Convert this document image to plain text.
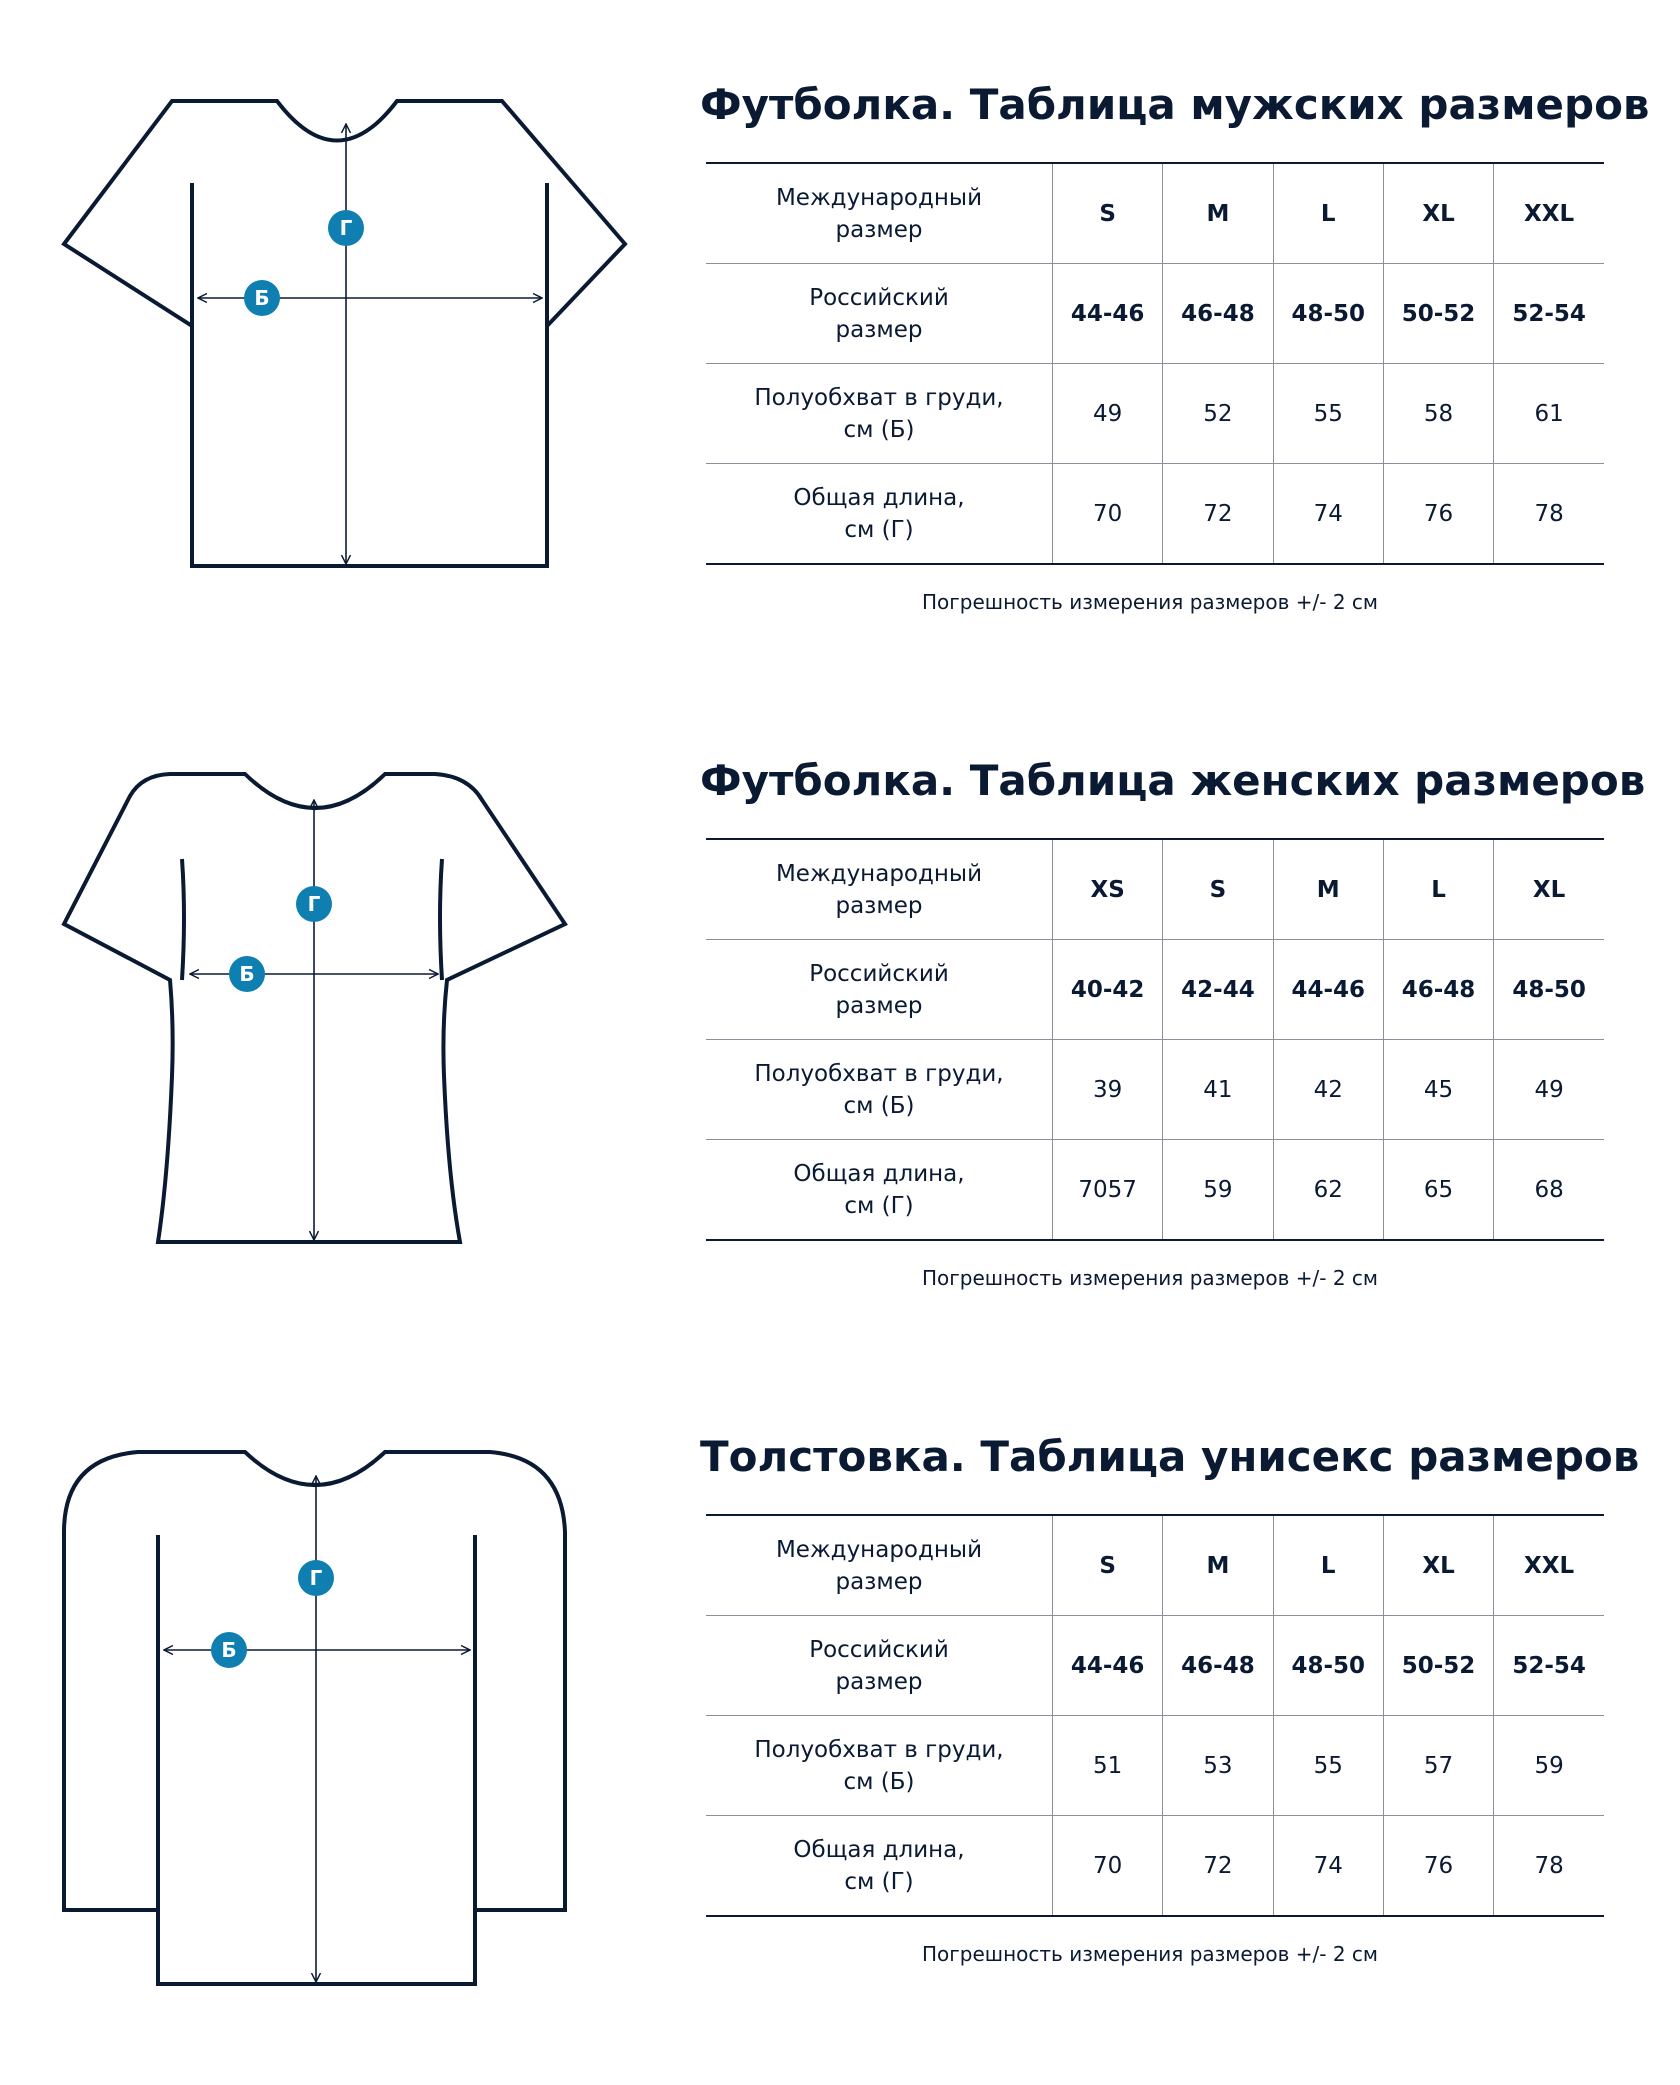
Г
Б
Футболка. Таблица мужских размеров
Международный
размер	S	M	L	XL	XXL
Российский
размер	44-46	46-48	48-50	50-52	52-54
Полуобхват в груди,
см (Б)	49	52	55	58	61
Общая длина,
см (Г)	70	72	74	76	78
Погрешность измерения размеров +/- 2 см
Г
Б
Футболка. Таблица женских размеров
Международный
размер	XS	S	M	L	XL
Российский
размер	40-42	42-44	44-46	46-48	48-50
Полуобхват в груди,
см (Б)	39	41	42	45	49
Общая длина,
см (Г)	7057	59	62	65	68
Погрешность измерения размеров +/- 2 см
Г
Б
Толстовка. Таблица унисекс размеров
Международный
размер	S	M	L	XL	XXL
Российский
размер	44-46	46-48	48-50	50-52	52-54
Полуобхват в груди,
см (Б)	51	53	55	57	59
Общая длина,
см (Г)	70	72	74	76	78
Погрешность измерения размеров +/- 2 см
